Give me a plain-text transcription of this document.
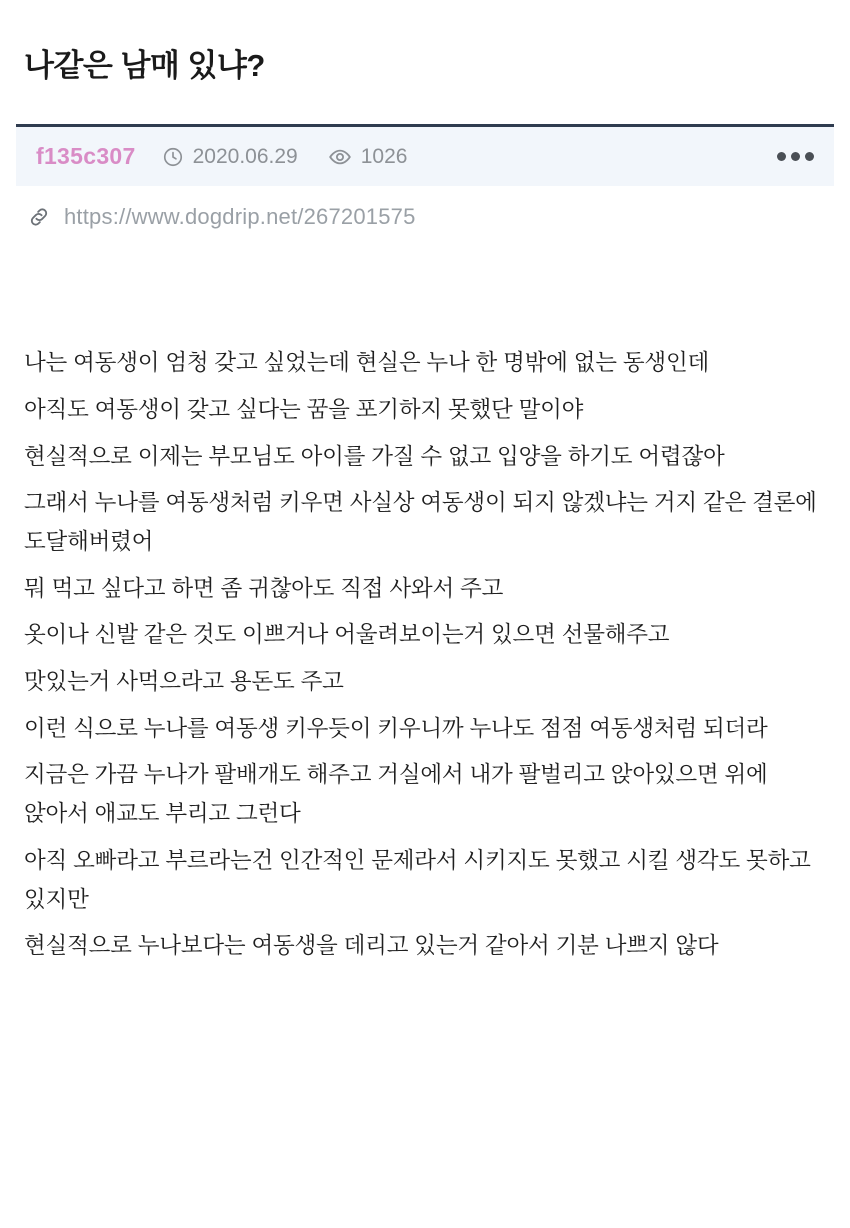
나같은 남매 있냐?
f135c307	2020.06.29	1026
https://www.dogdrip.net/267201575

나는 여동생이 엄청 갖고 싶었는데 현실은 누나 한 명밖에 없는 동생인데

아직도 여동생이 갖고 싶다는 꿈을 포기하지 못했단 말이야

현실적으로 이제는 부모님도 아이를 가질 수 없고 입양을 하기도 어렵잖아

그래서 누나를 여동생처럼 키우면 사실상 여동생이 되지 않겠냐는 거지 같은 결론에 도달해버렸어

뭐 먹고 싶다고 하면 좀 귀찮아도 직접 사와서 주고

옷이나 신발 같은 것도 이쁘거나 어울려보이는거 있으면 선물해주고

맛있는거 사먹으라고 용돈도 주고

이런 식으로 누나를 여동생 키우듯이 키우니까 누나도 점점 여동생처럼 되더라

지금은 가끔 누나가 팔배개도 해주고 거실에서 내가 팔벌리고 앉아있으면 위에 앉아서 애교도 부리고 그런다

아직 오빠라고 부르라는건 인간적인 문제라서 시키지도 못했고 시킬 생각도 못하고 있지만

현실적으로 누나보다는 여동생을 데리고 있는거 같아서 기분 나쁘지 않다
